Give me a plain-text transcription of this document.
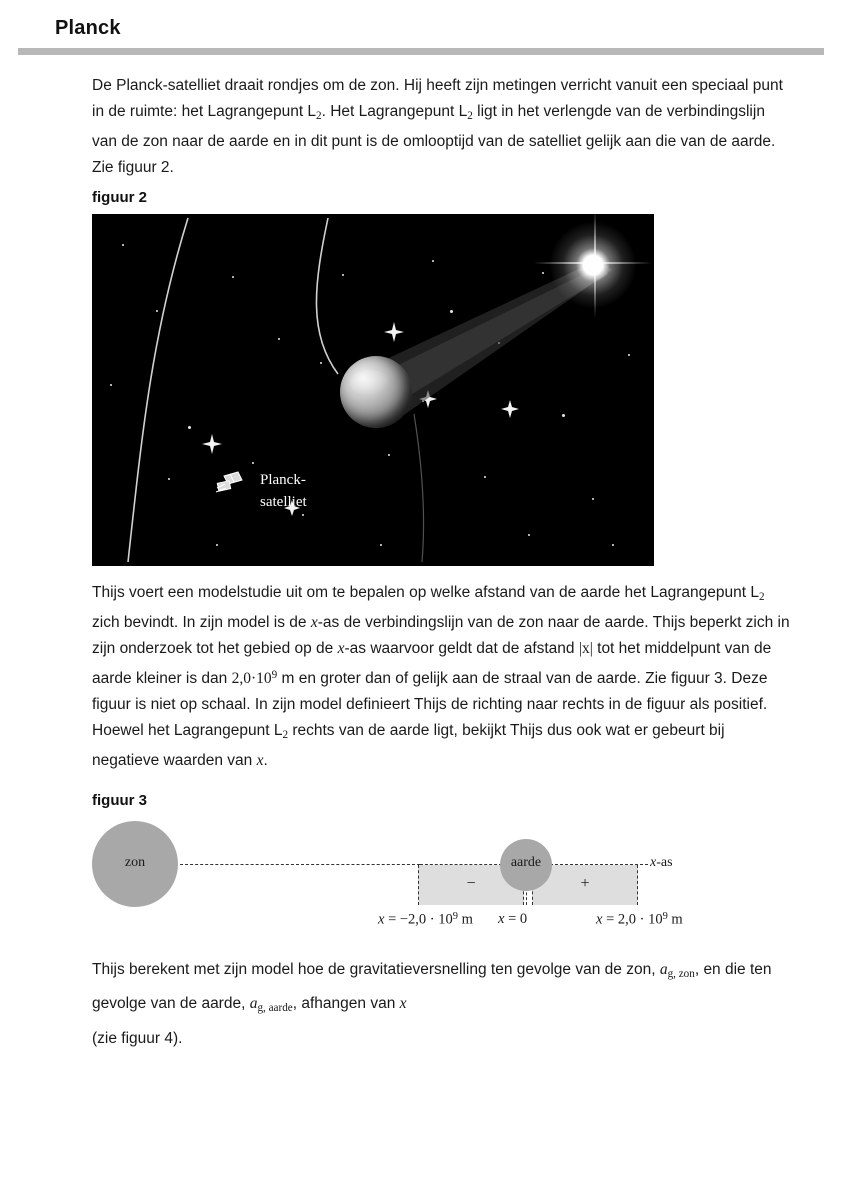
Planck

De Planck-satelliet draait rondjes om de zon. Hij heeft zijn metingen verricht vanuit een speciaal punt in de ruimte: het Lagrangepunt $L_2$. Het Lagrangepunt $L_2$ ligt in het verlengde van de verbindingslijn van de zon naar de aarde en in dit punt is de omlooptijd van de satelliet gelijk aan die van de aarde. Zie figuur 2.

figuur 2
Planck-
satelliet

Thijs voert een modelstudie uit om te bepalen op welke afstand van de aarde het Lagrangepunt $L_2$ zich bevindt. In zijn model is de x-as de verbindingslijn van de zon naar de aarde. Thijs beperkt zich in zijn onderzoek tot het gebied op de x-as waarvoor geldt dat de afstand |x| tot het middelpunt van de aarde kleiner is dan $2,0\cdot 10^9$ m en groter dan of gelijk aan de straal van de aarde. Zie figuur 3. Deze figuur is niet op schaal. In zijn model definieert Thijs de richting naar rechts in de figuur als positief. Hoewel het Lagrangepunt $L_2$ rechts van de aarde ligt, bekijkt Thijs dus ook wat er gebeurt bij negatieve waarden van x.

figuur 3
zon
−	+
aarde	x-as
$x = -2,0 \cdot 10^9$ m x = 0	$x = 2,0 \cdot 10^9$ m

Thijs berekent met zijn model hoe de gravitatieversnelling ten gevolge van de zon, $a_{g, zon}$, en die ten gevolge van de aarde, $a_{g, aarde}$, afhangen van x

(zie figuur 4).
